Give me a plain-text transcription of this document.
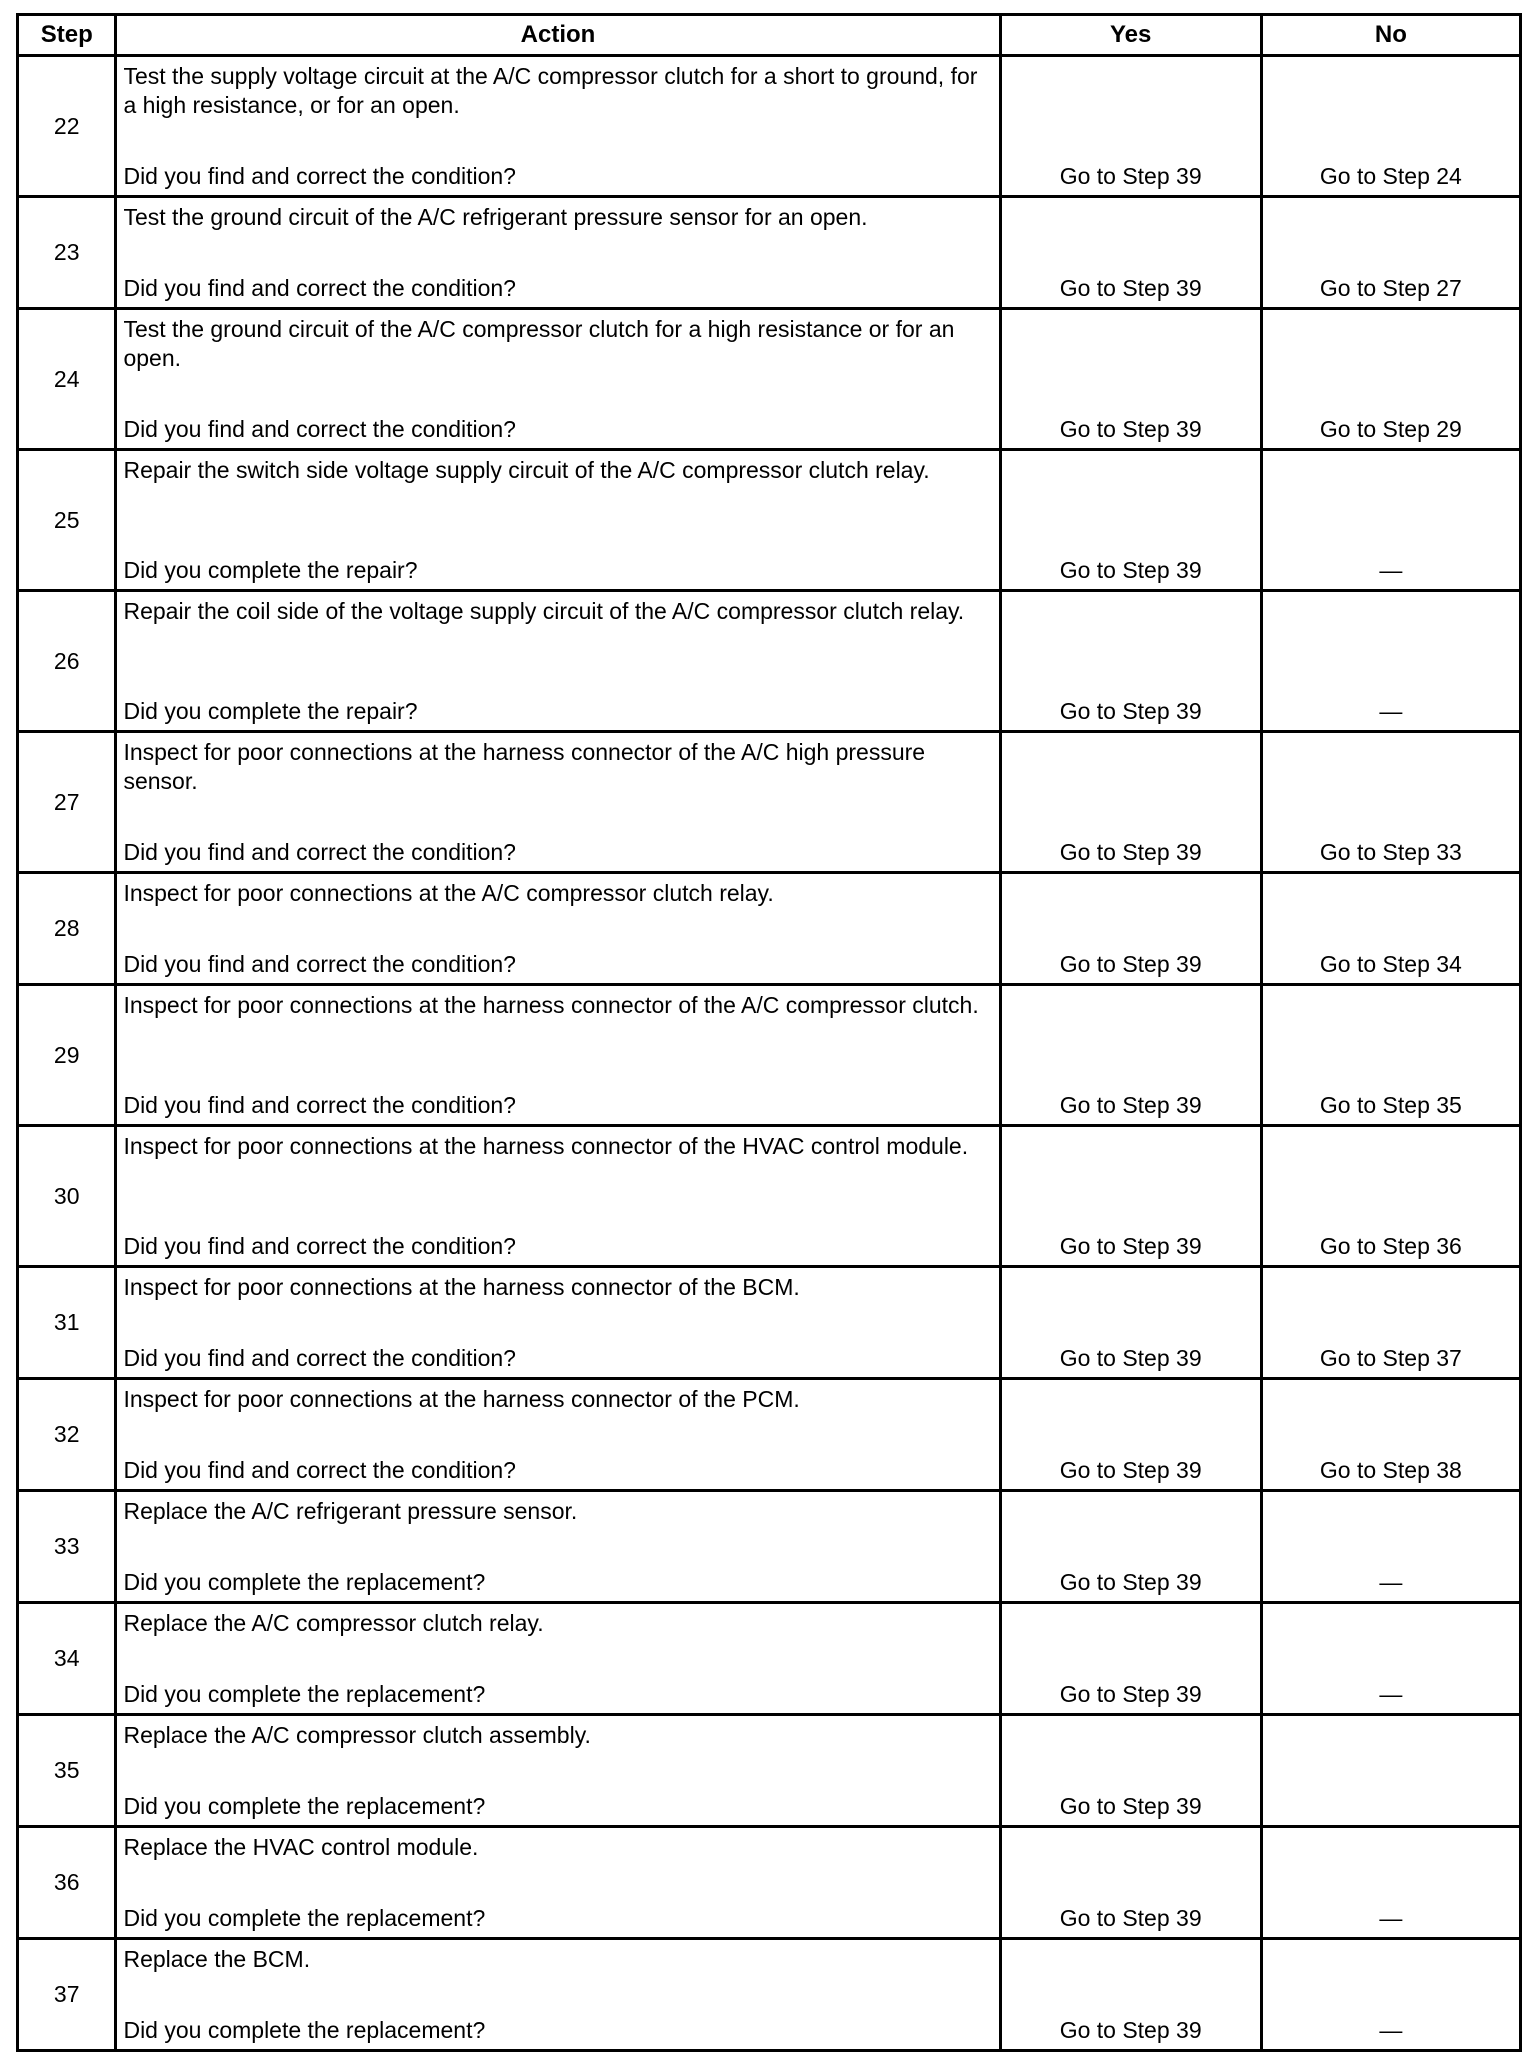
Step	Action	Yes	No
22	Test the supply voltage circuit at the A/C compressor clutch for a short to ground, for a high resistance, or for an open.
Did you find and correct the condition?	Go to Step 39	Go to Step 24
23	Test the ground circuit of the A/C refrigerant pressure sensor for an open.
Did you find and correct the condition?	Go to Step 39	Go to Step 27
24	Test the ground circuit of the A/C compressor clutch for a high resistance or for an open.
Did you find and correct the condition?	Go to Step 39	Go to Step 29
25	Repair the switch side voltage supply circuit of the A/C compressor clutch relay.
Did you complete the repair?	Go to Step 39	—
26	Repair the coil side of the voltage supply circuit of the A/C compressor clutch relay.
Did you complete the repair?	Go to Step 39	—
27	Inspect for poor connections at the harness connector of the A/C high pressure sensor.
Did you find and correct the condition?	Go to Step 39	Go to Step 33
28	Inspect for poor connections at the A/C compressor clutch relay.
Did you find and correct the condition?	Go to Step 39	Go to Step 34
29	Inspect for poor connections at the harness connector of the A/C compressor clutch.
Did you find and correct the condition?	Go to Step 39	Go to Step 35
30	Inspect for poor connections at the harness connector of the HVAC control module.
Did you find and correct the condition?	Go to Step 39	Go to Step 36
31	Inspect for poor connections at the harness connector of the BCM.
Did you find and correct the condition?	Go to Step 39	Go to Step 37
32	Inspect for poor connections at the harness connector of the PCM.
Did you find and correct the condition?	Go to Step 39	Go to Step 38
33	Replace the A/C refrigerant pressure sensor.
Did you complete the replacement?	Go to Step 39	—
34	Replace the A/C compressor clutch relay.
Did you complete the replacement?	Go to Step 39	—
35	Replace the A/C compressor clutch assembly.
Did you complete the replacement?	Go to Step 39	
36	Replace the HVAC control module.
Did you complete the replacement?	Go to Step 39	—
37	Replace the BCM.
Did you complete the replacement?	Go to Step 39	—
